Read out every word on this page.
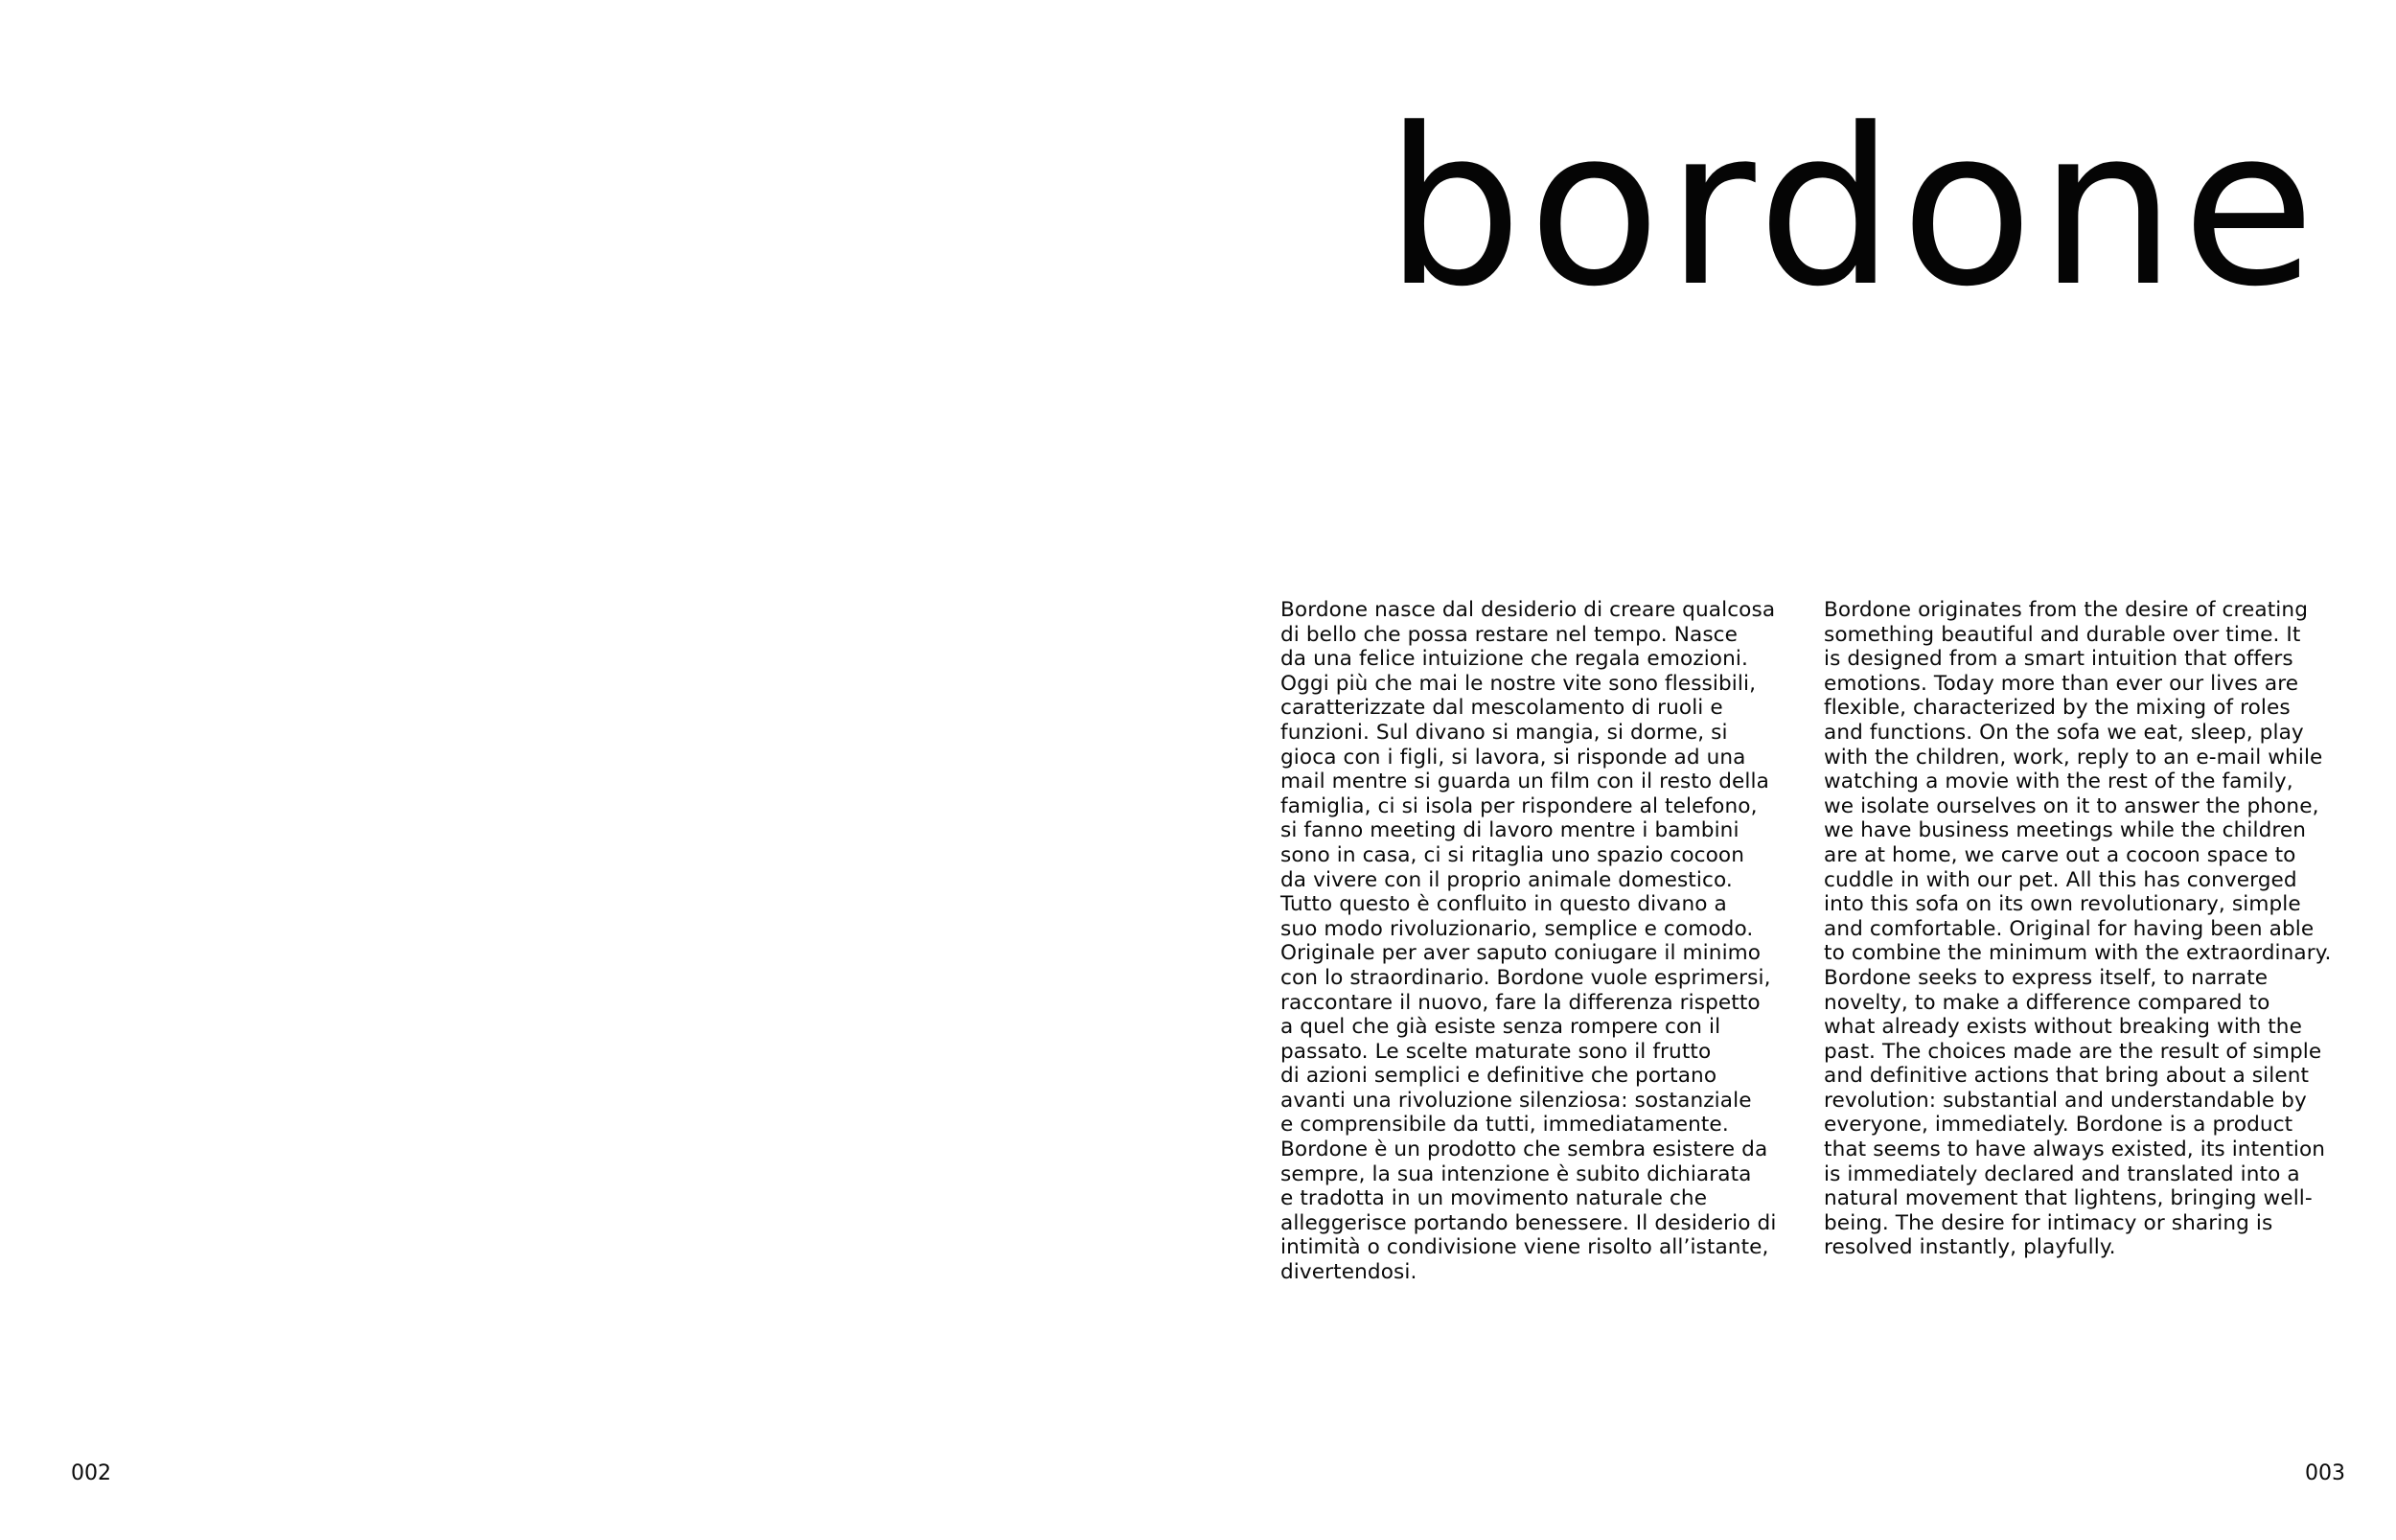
bordone
Bordone nasce dal desiderio di creare qualcosa
di bello che possa restare nel tempo. Nasce
da una felice intuizione che regala emozioni.
Oggi più che mai le nostre vite sono flessibili,
caratterizzate dal mescolamento di ruoli e
funzioni. Sul divano si mangia, si dorme, si
gioca con i figli, si lavora, si risponde ad una
mail mentre si guarda un film con il resto della
famiglia, ci si isola per rispondere al telefono,
si fanno meeting di lavoro mentre i bambini
sono in casa, ci si ritaglia uno spazio cocoon
da vivere con il proprio animale domestico.
Tutto questo è confluito in questo divano a
suo modo rivoluzionario, semplice e comodo.
Originale per aver saputo coniugare il minimo
con lo straordinario. Bordone vuole esprimersi,
raccontare il nuovo, fare la differenza rispetto
a quel che già esiste senza rompere con il
passato. Le scelte maturate sono il frutto
di azioni semplici e definitive che portano
avanti una rivoluzione silenziosa: sostanziale
e comprensibile da tutti, immediatamente.
Bordone è un prodotto che sembra esistere da
sempre, la sua intenzione è subito dichiarata
e tradotta in un movimento naturale che
alleggerisce portando benessere. Il desiderio di
intimità o condivisione viene risolto all’istante,
divertendosi.
Bordone originates from the desire of creating
something beautiful and durable over time. It
is designed from a smart intuition that offers
emotions. Today more than ever our lives are
flexible, characterized by the mixing of roles
and functions. On the sofa we eat, sleep, play
with the children, work, reply to an e-mail while
watching a movie with the rest of the family,
we isolate ourselves on it to answer the phone,
we have business meetings while the children
are at home, we carve out a cocoon space to
cuddle in with our pet. All this has converged
into this sofa on its own revolutionary, simple
and comfortable. Original for having been able
to combine the minimum with the extraordinary.
Bordone seeks to express itself, to narrate
novelty, to make a difference compared to
what already exists without breaking with the
past. The choices made are the result of simple
and definitive actions that bring about a silent
revolution: substantial and understandable by
everyone, immediately. Bordone is a product
that seems to have always existed, its intention
is immediately declared and translated into a
natural movement that lightens, bringing well-
being. The desire for intimacy or sharing is
resolved instantly, playfully.
002	003
